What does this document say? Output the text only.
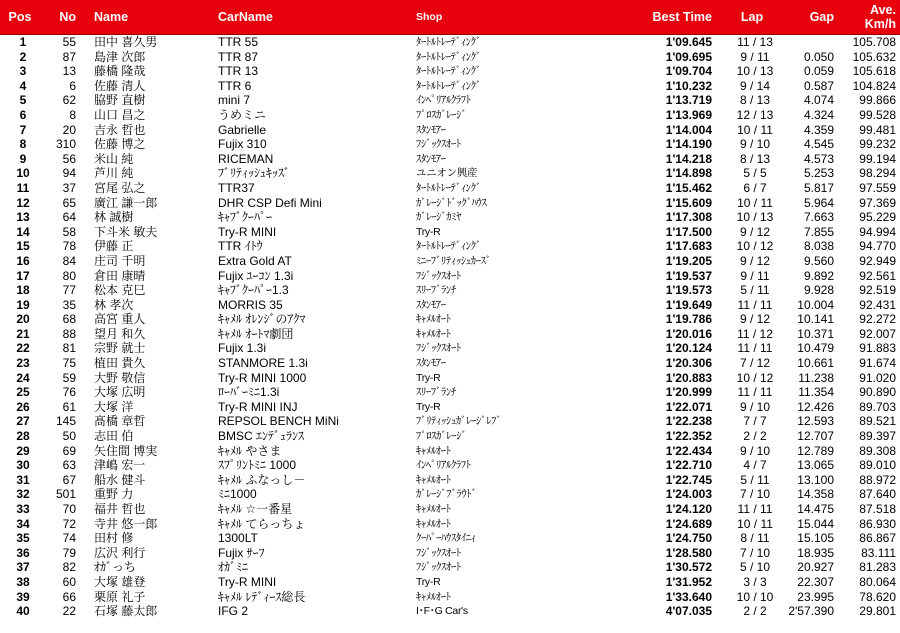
Pos	No	Name	CarName	Shop	Best Time	Lap	Gap	Ave.
Km/h

1	55	田中 喜久男	TTR 55	ﾀｰﾄﾙﾄﾚｰﾃﾞｨﾝｸﾞ	1'09.645	11 / 13		105.708
2	87	島津 次郎	TTR 87	ﾀｰﾄﾙﾄﾚｰﾃﾞｨﾝｸﾞ	1'09.695	9 / 11	0.050	105.632
3	13	藤橋 隆哉	TTR 13	ﾀｰﾄﾙﾄﾚｰﾃﾞｨﾝｸﾞ	1'09.704	10 / 13	0.059	105.618
4	6	佐藤 清人	TTR 6	ﾀｰﾄﾙﾄﾚｰﾃﾞｨﾝｸﾞ	1'10.232	9 / 14	0.587	104.824
5	62	脇野 直樹	mini 7	ｲﾝﾍﾟﾘｱﾙｸﾗﾌﾄ	1'13.719	8 / 13	4.074	99.866
6	8	山口 昌之	うめミニ	ﾌﾟﾛｽｶﾞﾚｰｼﾞ	1'13.969	12 / 13	4.324	99.528
7	20	吉永 哲也	Gabrielle	ｽﾀﾝﾓｱｰ	1'14.004	10 / 11	4.359	99.481
8	310	佐藤 博之	Fujix 310	ﾌｼﾞｯｸｽｵｰﾄ	1'14.190	9 / 10	4.545	99.232
9	56	米山 純	RICEMAN	ｽﾀﾝﾓｱｰ	1'14.218	8 / 13	4.573	99.194
10	94	芦川 純	ﾌﾞﾘﾃｨｯｼｭｷｯｽﾞ	ユニオン興産	1'14.898	5 / 5	5.253	98.294
11	37	宮尾 弘之	TTR37	ﾀｰﾄﾙﾄﾚｰﾃﾞｨﾝｸﾞ	1'15.462	6 / 7	5.817	97.559
12	65	廣江 謙一郎	DHR CSP Defi Mini	ｶﾞﾚｰｼﾞﾄﾞｯｸﾞﾊｳｽ	1'15.609	10 / 11	5.964	97.369
13	64	林 誠樹	ｷｬﾌﾞｸｰﾊﾟｰ	ｶﾞﾚｰｼﾞｶﾐﾔ	1'17.308	10 / 13	7.663	95.229
14	58	下斗米 敏夫	Try-R MINI	Try-R	1'17.500	9 / 12	7.855	94.994
15	78	伊藤 正	TTR ｲﾄｳ	ﾀｰﾄﾙﾄﾚｰﾃﾞｨﾝｸﾞ	1'17.683	10 / 12	8.038	94.770
16	84	庄司 千明	Extra Gold AT	ﾐﾆｰﾌﾞﾘﾃｨｯｼｭｶｰｽﾞ	1'19.205	9 / 12	9.560	92.949
17	80	倉田 康晴	Fujix ﾕｰｺﾝ 1.3i	ﾌｼﾞｯｸｽｵｰﾄ	1'19.537	9 / 11	9.892	92.561
18	77	松本 克巳	ｷｬﾌﾞｸｰﾊﾟｰ1.3	ｽﾘｰﾌﾞﾗﾝﾁ	1'19.573	5 / 11	9.928	92.519
19	35	林 孝次	MORRIS 35	ｽﾀﾝﾓｱｰ	1'19.649	11 / 11	10.004	92.431
20	68	高宮 重人	ｷｬﾒﾙ ｵﾚﾝｼﾞのｱｸﾏ	ｷｬﾒﾙｵｰﾄ	1'19.786	9 / 12	10.141	92.272
21	88	望月 和久	ｷｬﾒﾙ ｵｰﾄﾏ劇団	ｷｬﾒﾙｵｰﾄ	1'20.016	11 / 12	10.371	92.007
22	81	宗野 就士	Fujix 1.3i	ﾌｼﾞｯｸｽｵｰﾄ	1'20.124	11 / 11	10.479	91.883
23	75	植田 貴久	STANMORE 1.3i	ｽﾀﾝﾓｱｰ	1'20.306	7 / 12	10.661	91.674
24	59	大野 敬信	Try-R MINI 1000	Try-R	1'20.883	10 / 12	11.238	91.020
25	76	大塚 広明	ﾛｰﾊﾞｰﾐﾆ1.3i	ｽﾘｰﾌﾞﾗﾝﾁ	1'20.999	11 / 11	11.354	90.890
26	61	大塚 洋	Try-R MINI INJ	Try-R	1'22.071	9 / 10	12.426	89.703
27	145	髙橋 章哲	REPSOL BENCH MiNi	ﾌﾞﾘﾃｨｯｼｭｶﾞﾚｰｼﾞﾚﾌﾞ	1'22.238	7 / 7	12.593	89.521
28	50	志田 伯	BMSC ｴﾝﾃﾞｭﾗﾝｽ	ﾌﾟﾛｽｶﾞﾚｰｼﾞ	1'22.352	2 / 2	12.707	89.397
29	69	矢住間 博実	ｷｬﾒﾙ やさま	ｷｬﾒﾙｵｰﾄ	1'22.434	9 / 10	12.789	89.308
30	63	津嶋 宏一	ｽﾌﾟﾘﾝﾄﾐﾆ 1000	ｲﾝﾍﾟﾘｱﾙｸﾗﾌﾄ	1'22.710	4 / 7	13.065	89.010
31	67	船水 健斗	ｷｬﾒﾙ ふなっし－	ｷｬﾒﾙｵｰﾄ	1'22.745	5 / 11	13.100	88.972
32	501	重野 力	ﾐﾆ1000	ｶﾞﾚｰｼﾞﾌﾞﾗｳﾄﾞ	1'24.003	7 / 10	14.358	87.640
33	70	福井 哲也	ｷｬﾒﾙ ☆一番星	ｷｬﾒﾙｵｰﾄ	1'24.120	11 / 11	14.475	87.518
34	72	寺井 悠一郎	ｷｬﾒﾙ てらっちょ	ｷｬﾒﾙｵｰﾄ	1'24.689	10 / 11	15.044	86.930
35	74	田村 修	1300LT	ｸｰﾊﾟｰﾊｳｽﾀｲﾆｨ	1'24.750	8 / 11	15.105	86.867
36	79	広沢 利行	Fujix ｻｰﾌ	ﾌｼﾞｯｸｽｵｰﾄ	1'28.580	7 / 10	18.935	83.111
37	82	ｵｶﾞっち	ｵｶﾞﾐﾆ	ﾌｼﾞｯｸｽｵｰﾄ	1'30.572	5 / 10	20.927	81.283
38	60	大塚 雄登	Try-R MINI	Try-R	1'31.952	3 / 3	22.307	80.064
39	66	栗原 礼子	ｷｬﾒﾙ ﾚﾃﾞｨｰｽ総長	ｷｬﾒﾙｵｰﾄ	1'33.640	10 / 10	23.995	78.620
40	22	石塚 藤太郎	IFG 2	I･F･G Car's	4'07.035	2 / 2	2'57.390	29.801
